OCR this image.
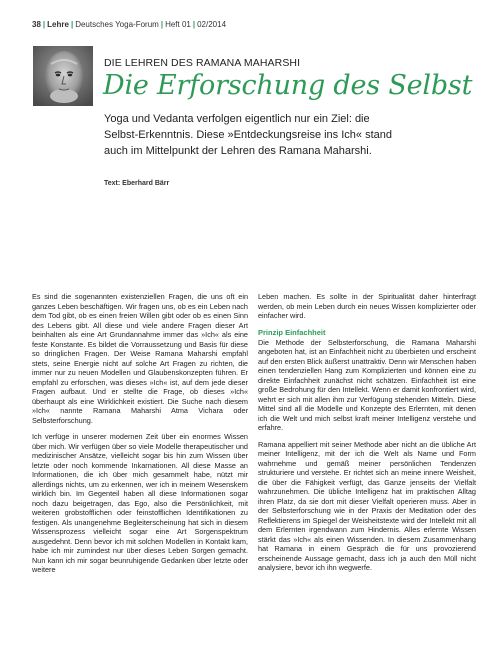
38 | Lehre | Deutsches Yoga-Forum | Heft 01 | 02/2014
DIE LEHREN DES RAMANA MAHARSHI
Die Erforschung des Selbst

Yoga und Vedanta verfolgen eigentlich nur ein Ziel: die
Selbst-Erkenntnis. Diese »Entdeckungsreise ins Ich« stand
auch im Mittelpunkt der Lehren des Ramana Maharshi.

Text: Eberhard Bärr

Es sind die sogenannten existenziellen Fragen, die uns oft ein ganzes Leben beschäftigen. Wir fragen uns, ob es ein Leben nach dem Tod gibt, ob es einen freien Willen gibt oder ob es einen Sinn des Lebens gibt. All diese und viele andere Fragen dieser Art beinhalten als eine Art Grundannahme immer das »Ich« als eine feste Konstante. Es bildet die Vorraussetzung und Basis für diese so dringlichen Fragen. Der Weise Ramana Maharshi empfahl stets, seine Energie nicht auf solche Art Fragen zu richten, die immer nur zu neuen Modellen und Glaubenskonzepten führen. Er empfahl zu erforschen, was dieses »Ich« ist, auf dem jede dieser Fragen aufbaut. Und er stellte die Frage, ob dieses »Ich« überhaupt als eine Wirklichkeit existiert. Die Suche nach diesem »Ich« nannte Ramana Maharshi Atma Vichara oder Selbsterforschung.

Ich verfüge in unserer modernen Zeit über ein enormes Wissen über mich. Wir verfügen über so viele Modelle therapeutischer und medizinischer Ansätze, vielleicht sogar bis hin zum Wissen über letzte oder noch kommende Inkarnationen. All diese Masse an Informationen, die ich über mich gesammelt habe, nützt mir allerdings nichts, um zu erkennen, wer ich in meinem Wesenskern wirklich bin. Im Gegenteil haben all diese Informationen sogar noch dazu beigetragen, das Ego, also die Persönlichkeit, mit weiteren grobstofflichen oder feinstofflichen Identifikationen zu festigen. Als unangenehme Begleiterscheinung hat sich in diesem Wissensprozess vielleicht sogar eine Art Sorgenspektrum ausgedehnt. Denn bevor ich mit solchen Modellen in Kontakt kam, habe ich mir zumindest nur über dieses Leben Sorgen gemacht. Nun kann ich mir sogar beunruhigende Gedanken über letzte oder weitere

Leben machen. Es sollte in der Spiritualität daher hinterfragt werden, ob mein Leben durch ein neues Wissen komplizierter oder einfacher wird.

Prinzip Einfachheit

Die Methode der Selbsterforschung, die Ramana Maharshi angeboten hat, ist an Einfachheit nicht zu überbieten und erscheint auf den ersten Blick äußerst unattraktiv. Denn wir Menschen haben einen tendenziellen Hang zum Komplizierten und können eine zu direkte Einfachheit zunächst nicht schätzen. Einfachheit ist eine große Bedrohung für den Intellekt. Wenn er damit konfrontiert wird, wehrt er sich mit allen ihm zur Verfügung stehenden Mitteln. Diese Mittel sind all die Modelle und Konzepte des Erlernten, mit denen ich die Welt und mich selbst kraft meiner Intelligenz verstehe und erfahre.

Ramana appelliert mit seiner Methode aber nicht an die übliche Art meiner Intelligenz, mit der ich die Welt als Name und Form wahrnehme und gemäß meiner persönlichen Tendenzen strukturiere und verstehe. Er richtet sich an meine innere Weisheit, die über die Fähigkeit verfügt, das Ganze jenseits der Vielfalt wahrzunehmen. Die übliche Intelligenz hat im praktischen Alltag ihren Platz, da sie dort mit dieser Vielfalt operieren muss. Aber in der Selbsterforschung wie in der Praxis der Meditation oder des Reflektierens im Spiegel der Weisheitstexte wird der Intellekt mit all dem Erlernten irgendwann zum Hindernis. Alles erlernte Wissen stärkt das »Ich« als einen Wissenden. In diesem Zusammenhang hat Ramana in einem Gespräch die für uns provozierend erscheinende Aussage gemacht, dass ich ja auch den Müll nicht analysiere, bevor ich ihn wegwerfe.
